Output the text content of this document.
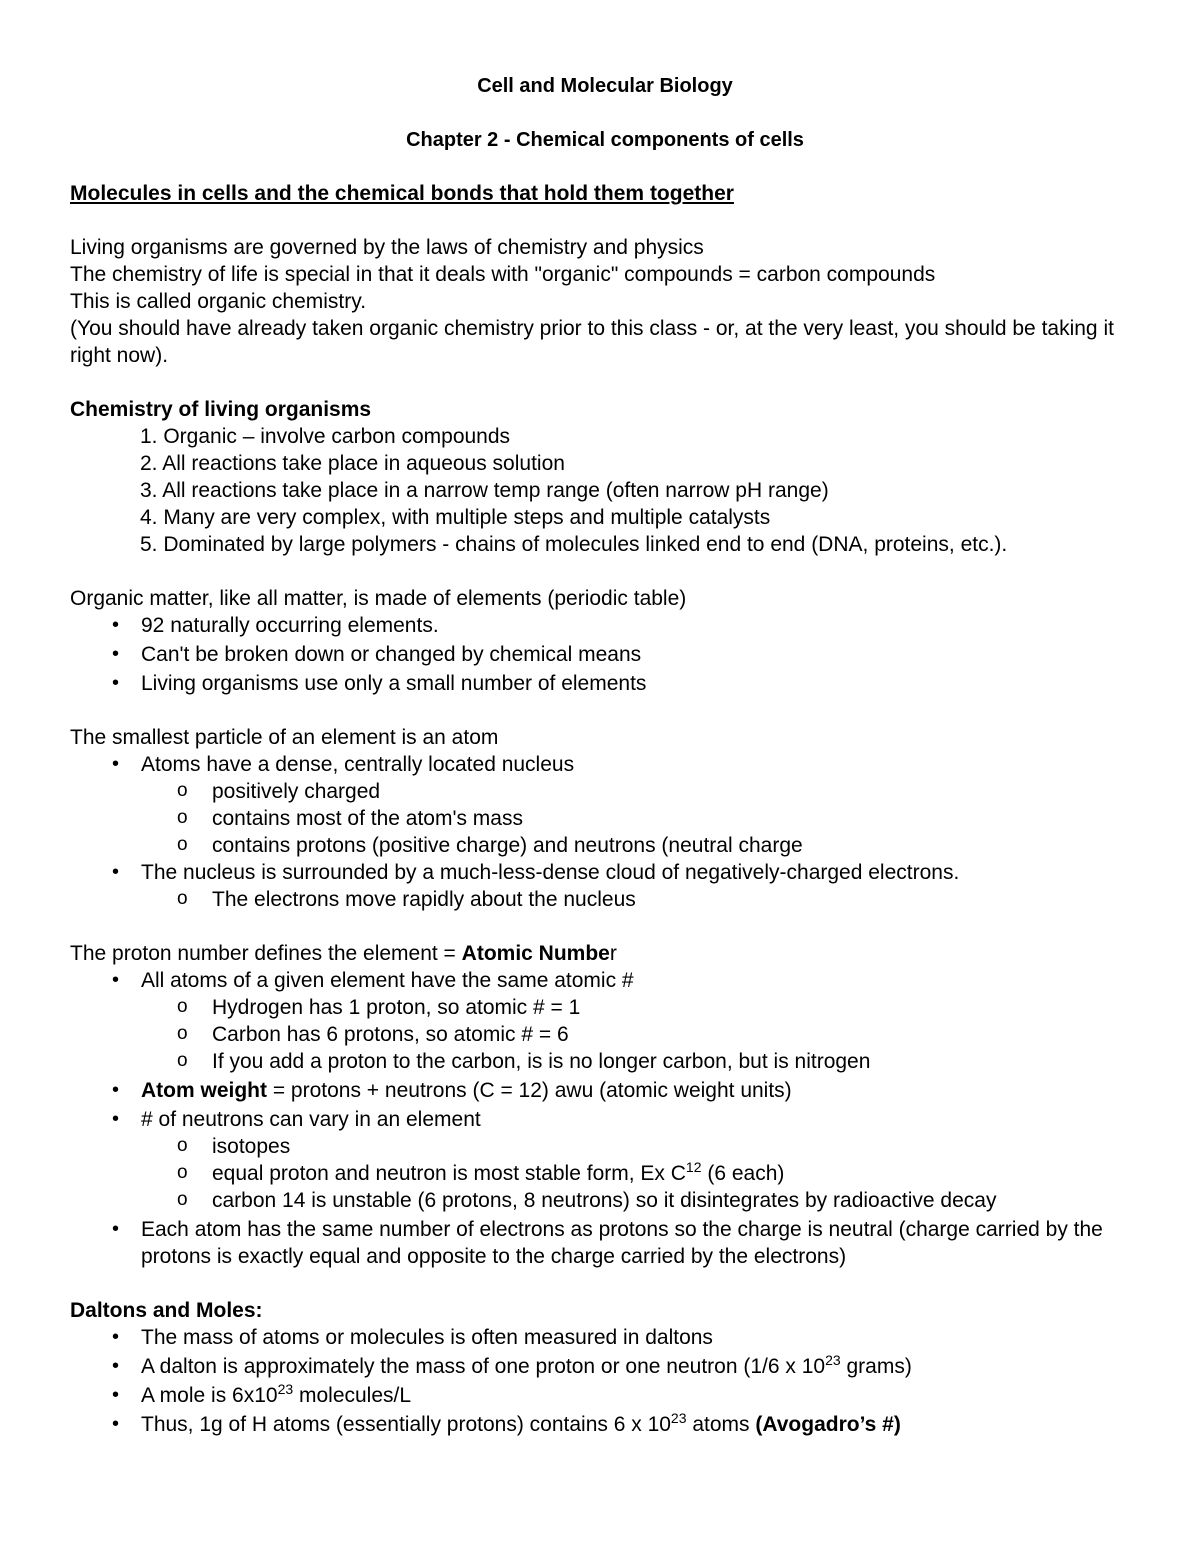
Cell and Molecular Biology

Chapter 2 - Chemical components of cells

Molecules in cells and the chemical bonds that hold them together

Living organisms are governed by the laws of chemistry and physics

The chemistry of life is special in that it deals with "organic" compounds = carbon compounds

This is called organic chemistry.

(You should have already taken organic chemistry prior to this class - or, at the very least, you should be taking it right now).

Chemistry of living organisms

1. Organic – involve carbon compounds
2. All reactions take place in aqueous solution
3. All reactions take place in a narrow temp range (often narrow pH range)
4. Many are very complex, with multiple steps and multiple catalysts
5. Dominated by large polymers - chains of molecules linked end to end (DNA, proteins, etc.).

Organic matter, like all matter, is made of elements (periodic table)

• 92 naturally occurring elements.
• Can't be broken down or changed by chemical means
• Living organisms use only a small number of elements

The smallest particle of an element is an atom

• Atoms have a dense, centrally located nucleus
o positively charged
o contains most of the atom's mass
o contains protons (positive charge) and neutrons (neutral charge
• The nucleus is surrounded by a much-less-dense cloud of negatively-charged electrons.
o The electrons move rapidly about the nucleus

The proton number defines the element = Atomic Number

• All atoms of a given element have the same atomic #
o Hydrogen has 1 proton, so atomic # = 1
o Carbon has 6 protons, so atomic # = 6
o If you add a proton to the carbon, is is no longer carbon, but is nitrogen
• Atom weight = protons + neutrons (C = 12) awu (atomic weight units)
• # of neutrons can vary in an element
o isotopes
o equal proton and neutron is most stable form, Ex $C^{12}$ (6 each)
o carbon 14 is unstable (6 protons, 8 neutrons) so it disintegrates by radioactive decay
• Each atom has the same number of electrons as protons so the charge is neutral (charge carried by the protons is exactly equal and opposite to the charge carried by the electrons)

Daltons and Moles:

• The mass of atoms or molecules is often measured in daltons
• A dalton is approximately the mass of one proton or one neutron (1/6 x $10^{23}$ grams)
• A mole is $6x10^{23}$ molecules/L
• Thus, 1g of H atoms (essentially protons) contains 6 x $10^{23}$ atoms (Avogadro’s #)
